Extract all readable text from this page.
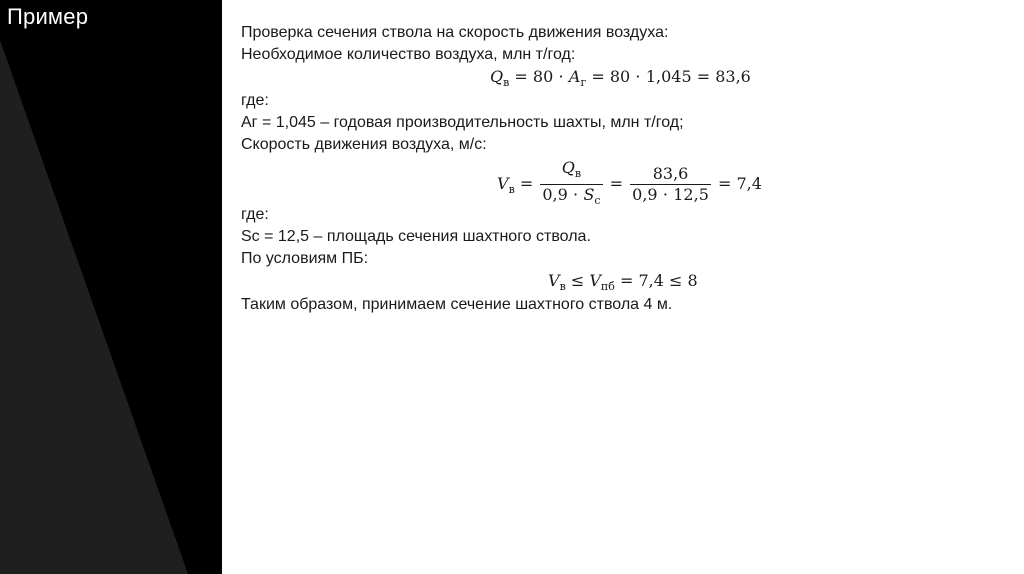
Пример
Проверка сечения ствола на скорость движения воздуха:
Необходимое количество воздуха, млн т/год:
$Q_в = 80 \cdot A_г = 80 \cdot 1,045 = 83,6$
где:
Аг = 1,045 – годовая производительность шахты, млн т/год;
Скорость движения воздуха, м/с:
$V_в = \frac{Q_в}{0,9 \cdot S_с} = \frac{83,6}{0,9 \cdot 12,5} = 7,4$
где:
Sc = 12,5 – площадь сечения шахтного ствола.
По условиям ПБ:
$V_в \le V_{пб} = 7,4 \le 8$
Таким образом, принимаем сечение шахтного ствола 4 м.
